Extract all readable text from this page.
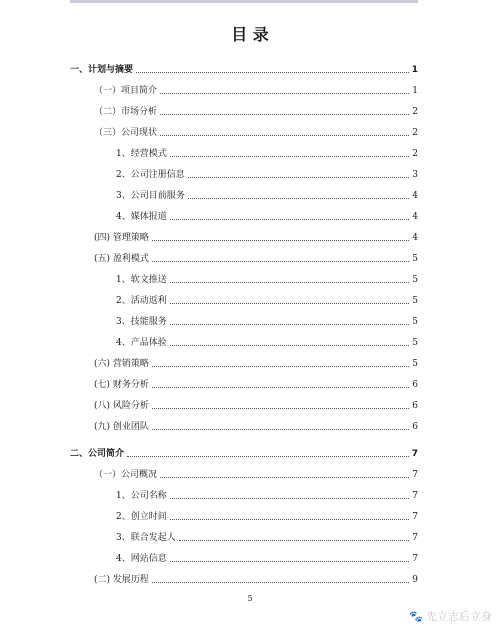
目 录
一、计划与摘要	1
（一）项目简介	1
（二）市场分析	2
（三）公司现状	2
1、经营模式	2
2、公司注册信息	3
3、公司目前服务	4
4、媒体报道	4
(四) 管理策略	4
(五) 盈利模式	5
1、软文推送	5
2、活动返利	5
3、技能服务	5
4、产品体验	5
(六) 营销策略	5
(七) 财务分析	6
(八) 风险分析	6
(九) 创业团队	6
二、公司简介	7
（一）公司概况	7
1、公司名称	7
2、创立时间	7
3、联合发起人	7
4、网站信息	7
(二) 发展历程	9
5
🐾 先立志后立身
